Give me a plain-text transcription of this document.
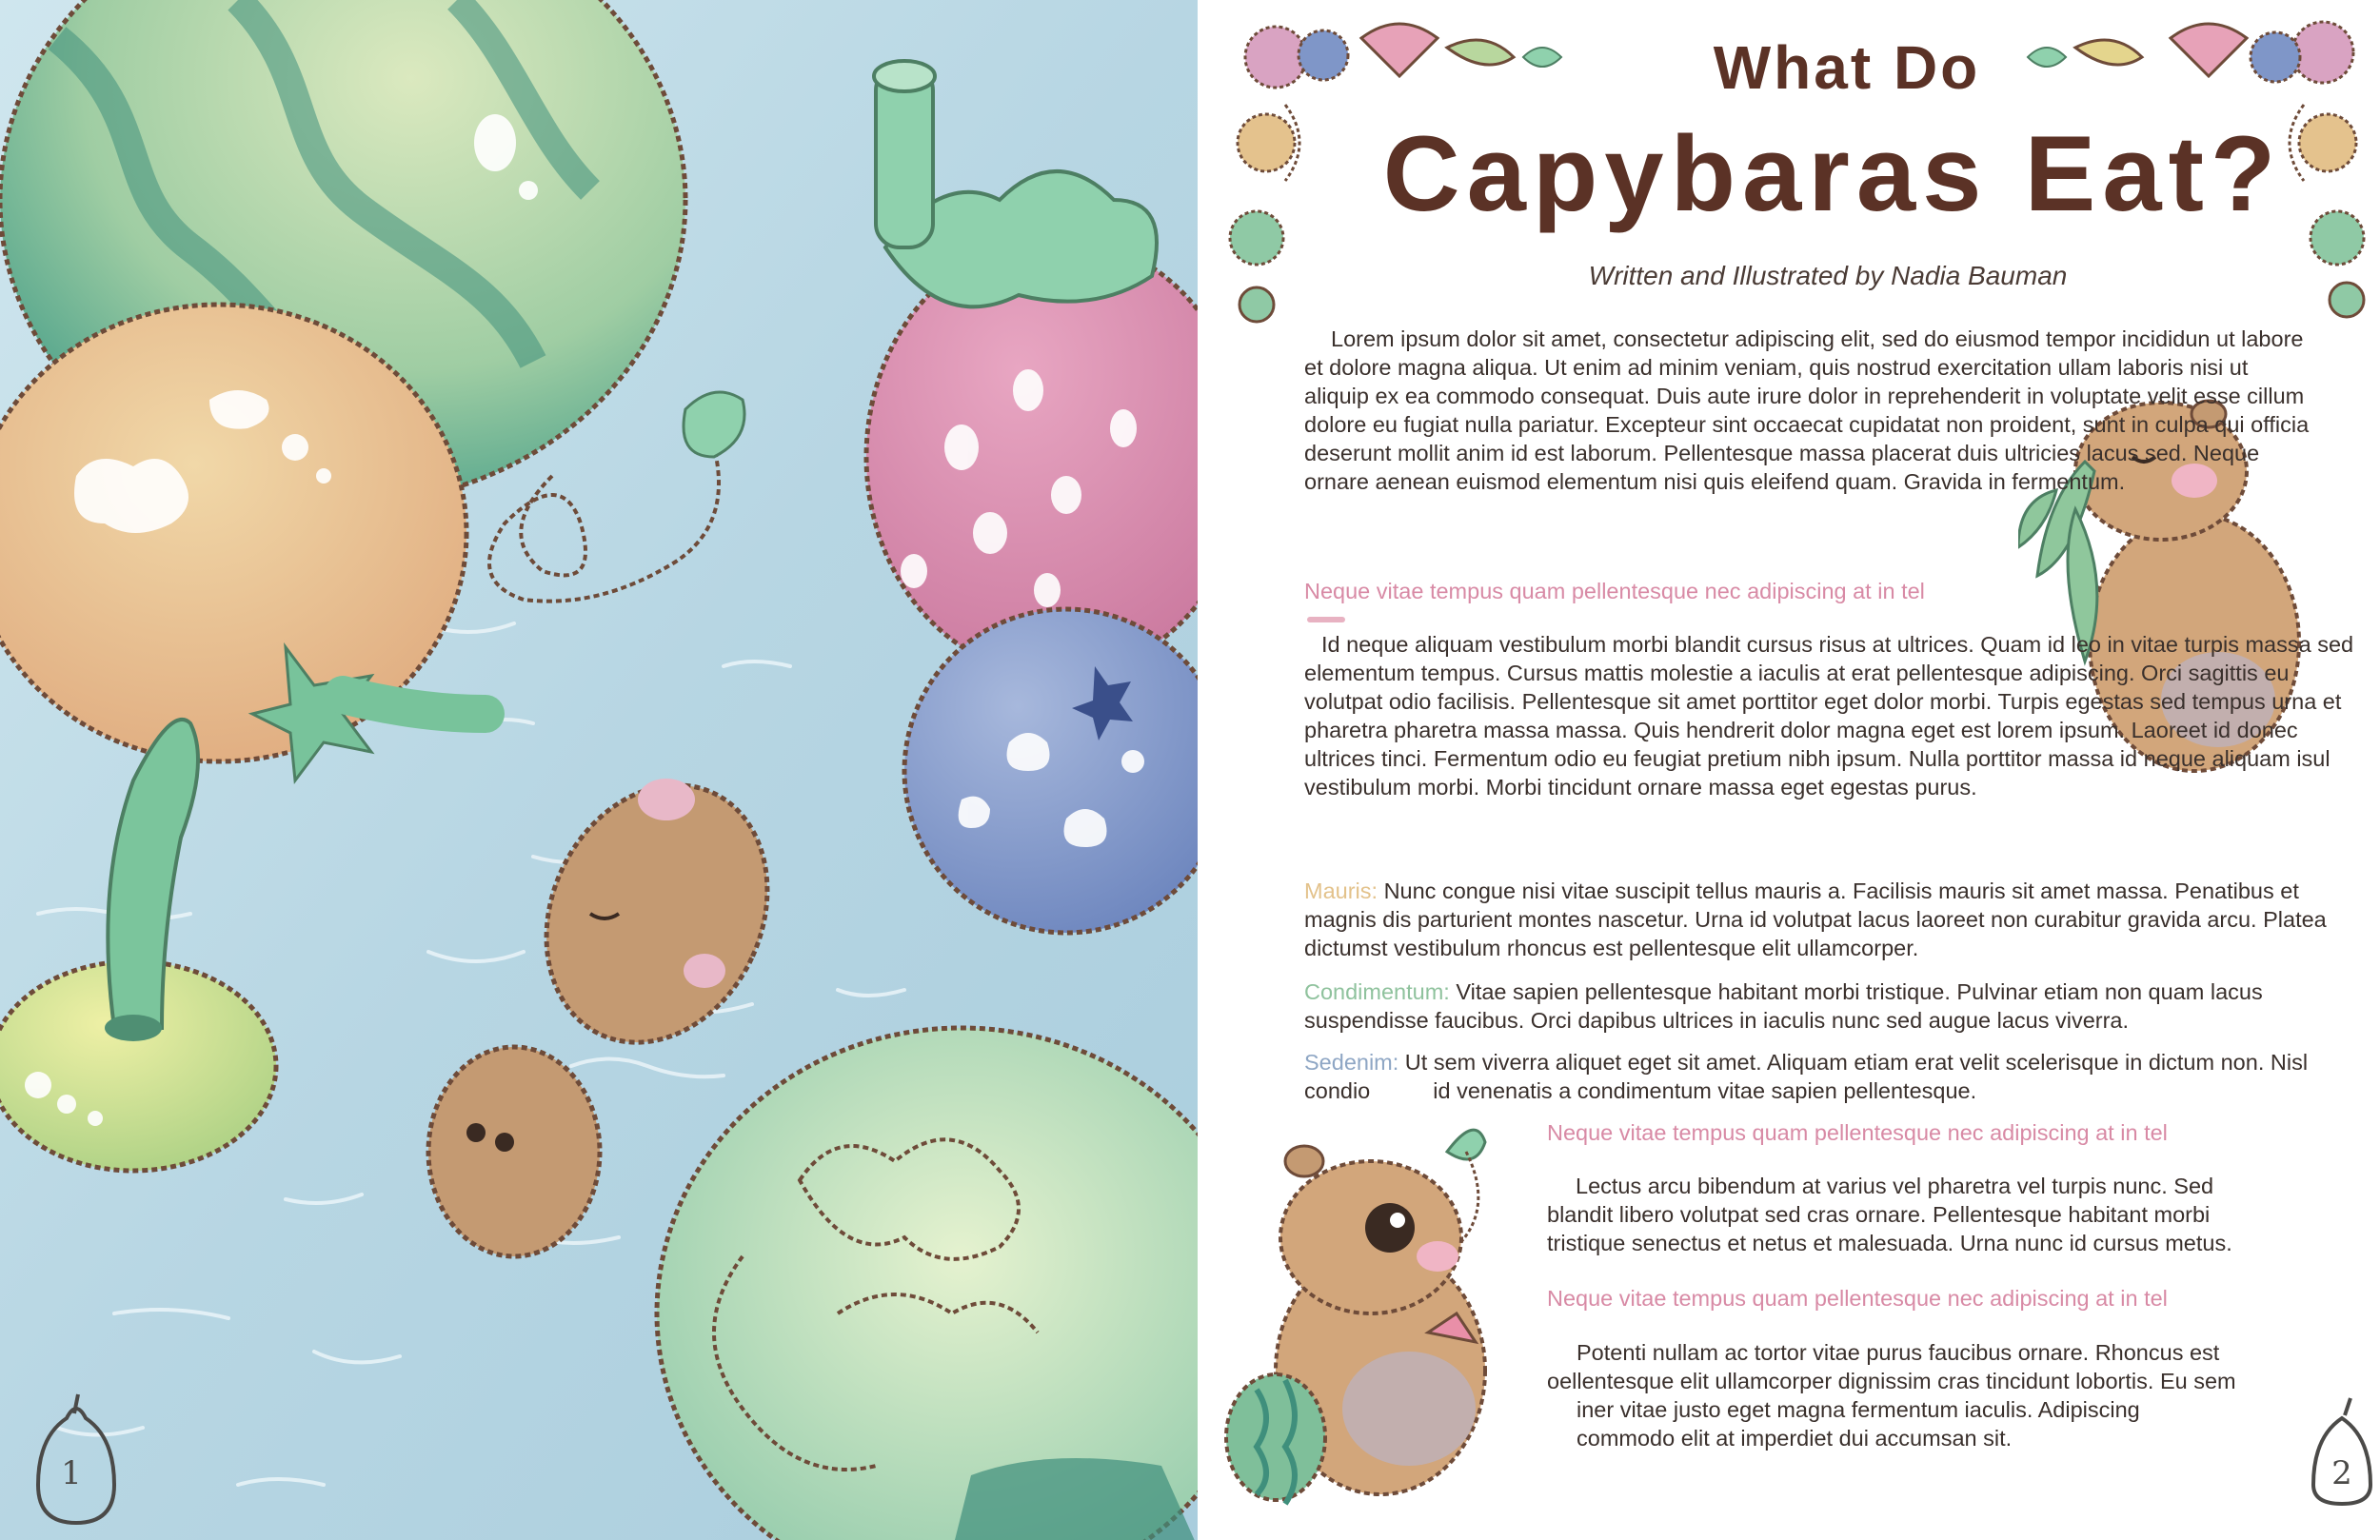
1
What Do
Capybaras Eat?
Written and Illustrated by Nadia Bauman

Lorem ipsum dolor sit amet, consectetur adipiscing elit, sed do eiusmod tempor incididun ut labore et dolore magna aliqua. Ut enim ad minim veniam, quis nostrud exercitation ullam laboris nisi ut aliquip ex ea commodo consequat. Duis aute irure dolor in reprehenderit in voluptate velit esse cillum dolore eu fugiat nulla pariatur. Excepteur sint occaecat cupidatat non proident, sunt in culpa qui officia deserunt mollit anim id est laborum. Pellentesque massa placerat duis ultricies lacus sed. Neque ornare aenean euismod elementum nisi quis eleifend quam. Gravida in fermentum.

Neque vitae tempus quam pellentesque nec adipiscing at in tel

Id neque aliquam vestibulum morbi blandit cursus risus at ultrices. Quam id leo in vitae turpis massa sed elementum tempus. Cursus mattis molestie a iaculis at erat pellentesque adipiscing. Orci sagittis eu volutpat odio facilisis. Pellentesque sit amet porttitor eget dolor morbi. Turpis egestas sed tempus urna et pharetra pharetra massa massa. Quis hendrerit dolor magna eget est lorem ipsum. Laoreet id donec ultrices tinci. Fermentum odio eu feugiat pretium nibh ipsum. Nulla porttitor massa id neque aliquam isul vestibulum morbi. Morbi tincidunt ornare massa eget egestas purus.

Mauris: Nunc congue nisi vitae suscipit tellus mauris a. Facilisis mauris sit amet massa. Penatibus et magnis dis parturient montes nascetur. Urna id volutpat lacus laoreet non curabitur gravida arcu. Platea dictumst vestibulum rhoncus est pellentesque elit ullamcorper.

Condimentum: Vitae sapien pellentesque habitant morbi tristique. Pulvinar etiam non quam lacus suspendisse faucibus. Orci dapibus ultrices in iaculis nunc sed augue lacus viverra.

Sedenim: Ut sem viverra aliquet eget sit amet. Aliquam etiam erat velit scelerisque in dictum non. Nisl condio	id venenatis a condimentum vitae sapien pellentesque.

Neque vitae tempus quam pellentesque nec adipiscing at in tel

Lectus arcu bibendum at varius vel pharetra vel turpis nunc. Sed blandit libero volutpat sed cras ornare. Pellentesque habitant morbi tristique senectus et netus et malesuada. Urna nunc id cursus metus.

Neque vitae tempus quam pellentesque nec adipiscing at in tel
Potenti nullam ac tortor vitae purus faucibus ornare. Rhoncus est
oellentesque elit ullamcorper dignissim cras tincidunt lobortis. Eu sem
iner vitae justo eget magna fermentum iaculis. Adipiscing
commodo elit at imperdiet dui accumsan sit.
2
